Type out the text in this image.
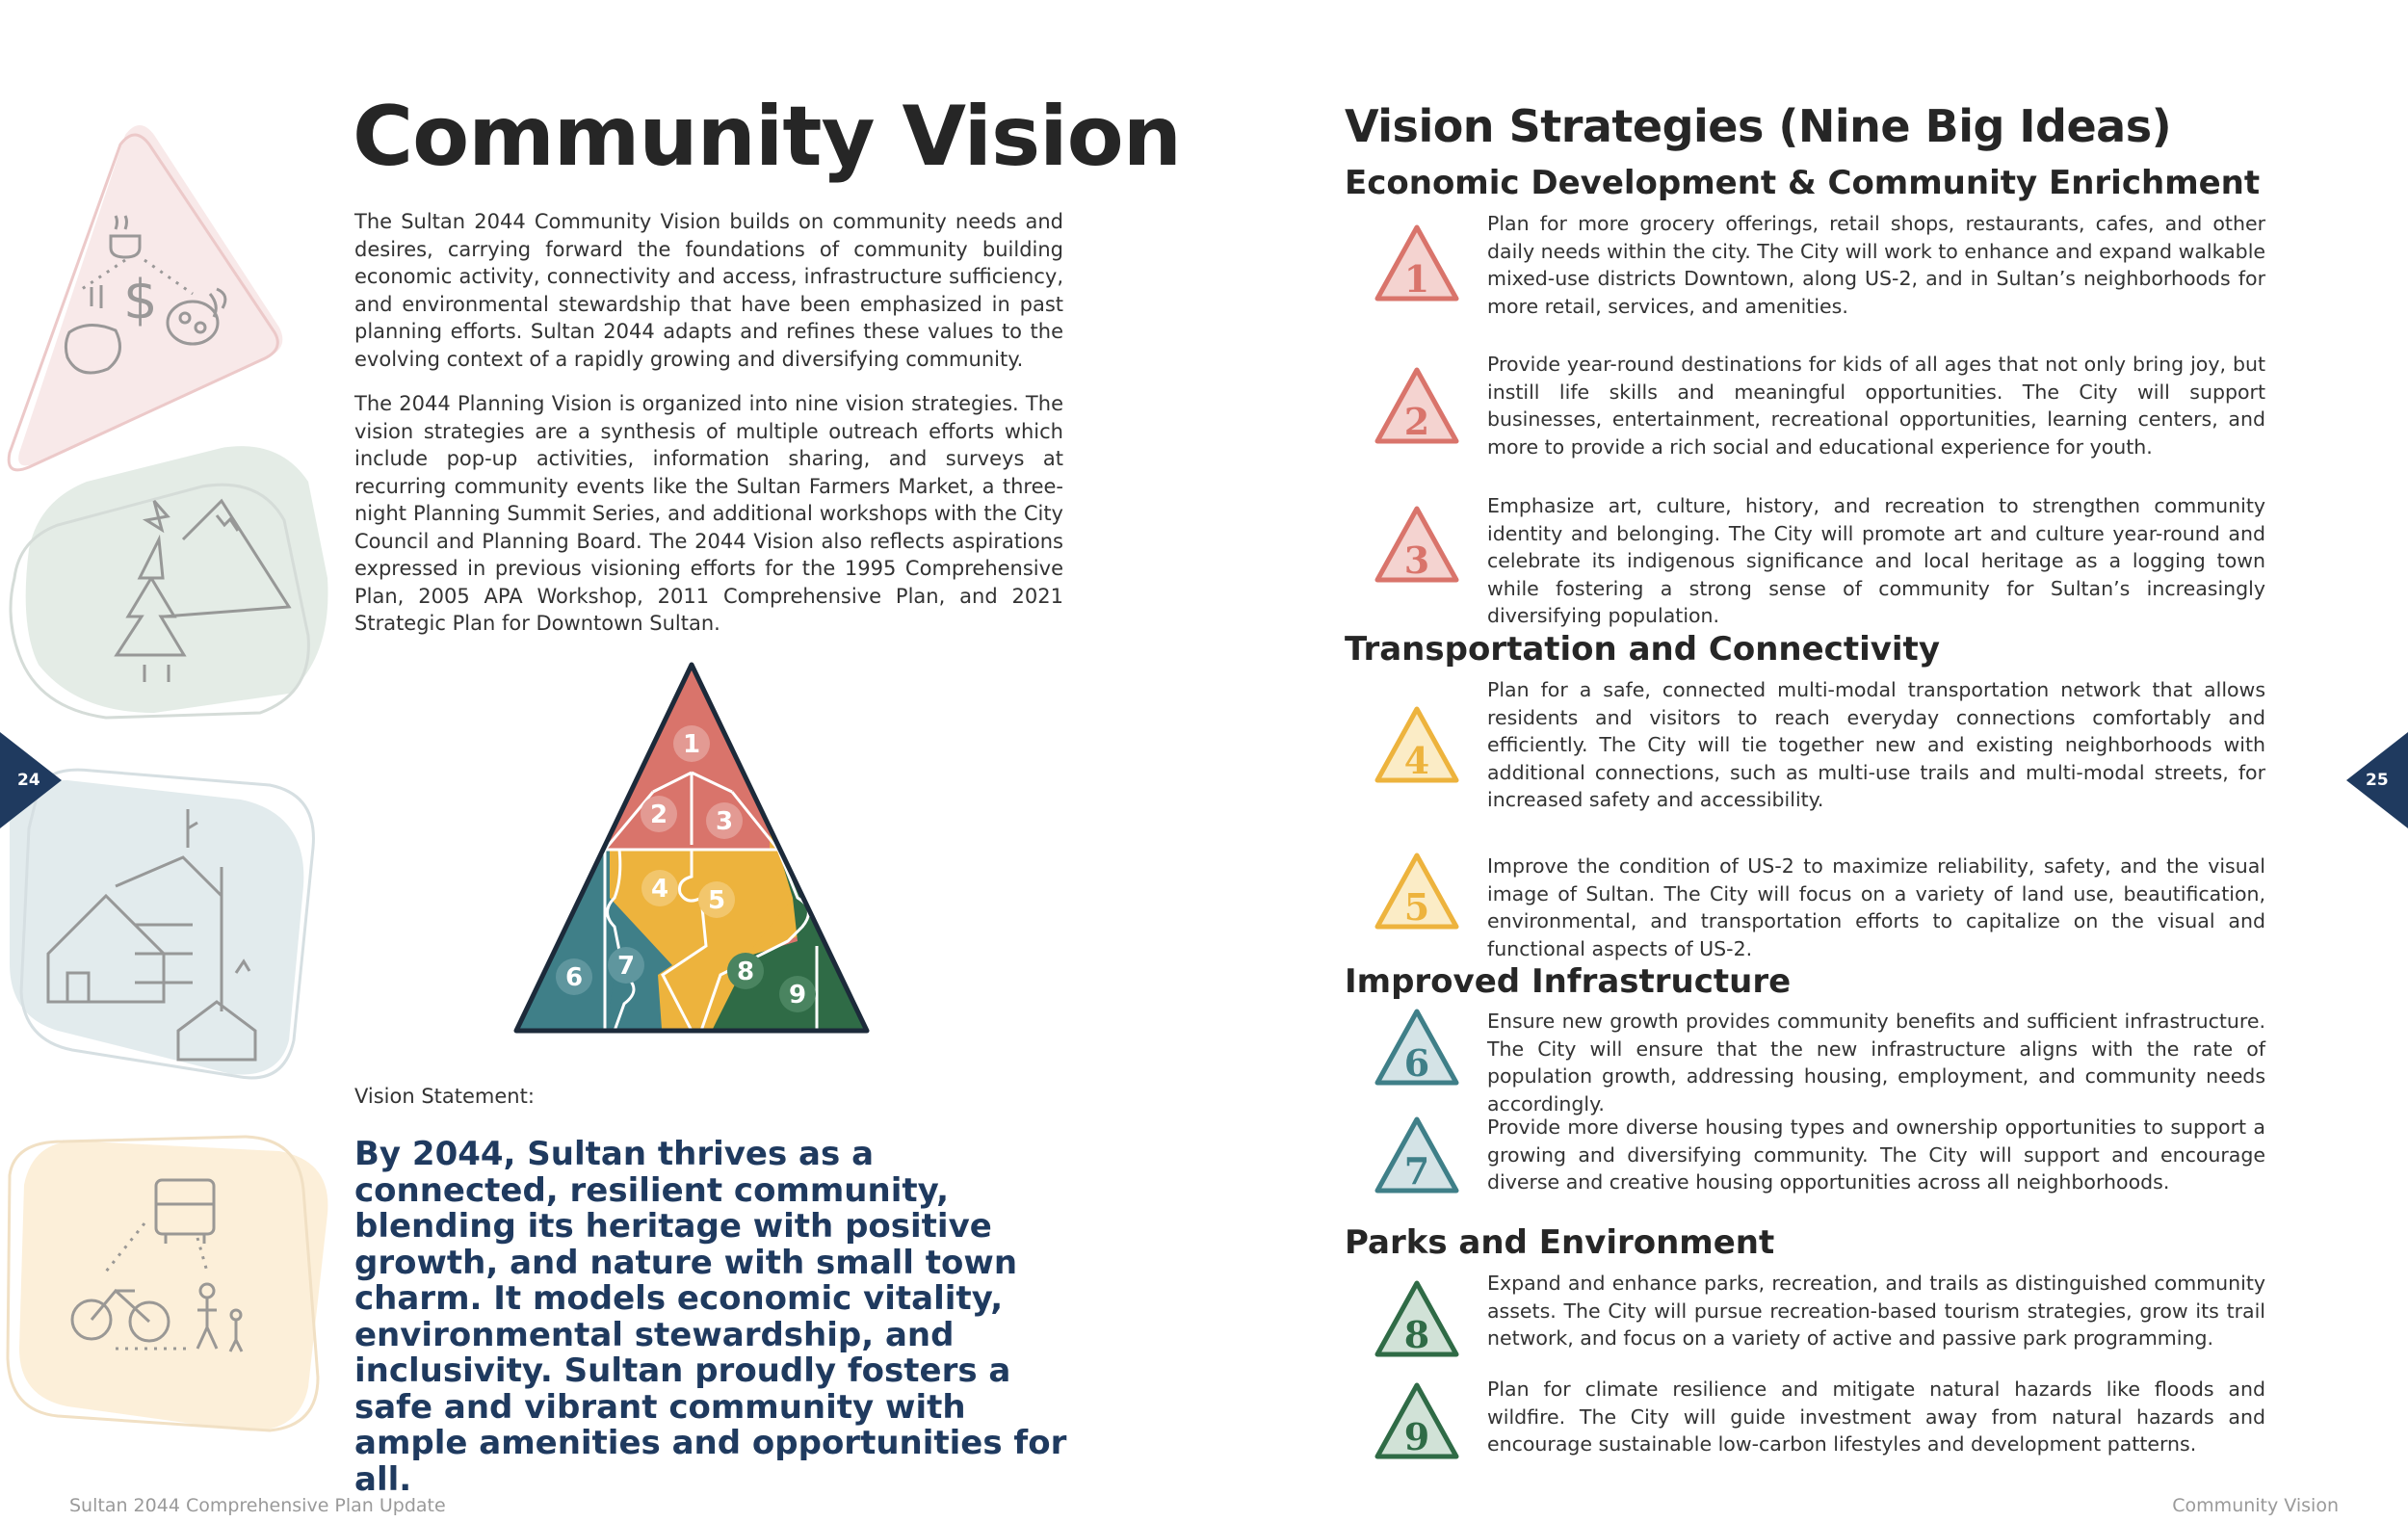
$
24	25
Community Vision
The Sultan 2044 Community Vision builds on community needs and desires, carrying forward the foundations of community building economic activity, connectivity and access, infrastructure sufficiency, and environmental stewardship that have been emphasized in past planning efforts. Sultan 2044 adapts and refines these values to the evolving context of a rapidly growing and diversifying community.
The 2044 Planning Vision is organized into nine vision strategies. The vision strategies are a synthesis of multiple outreach efforts which include pop-up activities, information sharing, and surveys at recurring community events like the Sultan Farmers Market, a three-night Planning Summit Series, and additional workshops with the City Council and Planning Board. The 2044 Vision also reflects aspirations expressed in previous visioning efforts for the 1995 Comprehensive Plan, 2005 APA Workshop, 2011 Comprehensive Plan, and 2021 Strategic Plan for Downtown Sultan.
1
2 3
4 5
6 7	8
9
Vision Statement:
By 2044, Sultan thrives as a connected, resilient community, blending its heritage with positive growth, and nature with small town charm. It models economic vitality, environmental stewardship, and inclusivity. Sultan proudly fosters a safe and vibrant community with ample amenities and opportunities for all.
Sultan 2044 Comprehensive Plan Update
Vision Strategies (Nine Big Ideas)
Economic Development & Community Enrichment
Transportation and Connectivity
Improved Infrastructure
Parks and Environment
1
2
3
4
5
6
7
8
9
Plan for more grocery offerings, retail shops, restaurants, cafes, and other daily needs within the city. The City will work to enhance and expand walkable mixed-use districts Downtown, along US-2, and in Sultan’s neighborhoods for more retail, services, and amenities.
Provide year-round destinations for kids of all ages that not only bring joy, but instill life skills and meaningful opportunities. The City will support businesses, entertainment, recreational opportunities, learning centers, and more to provide a rich social and educational experience for youth.
Emphasize art, culture, history, and recreation to strengthen community identity and belonging. The City will promote art and culture year-round and celebrate its indigenous significance and local heritage as a logging town while fostering a strong sense of community for Sultan’s increasingly diversifying population.
Plan for a safe, connected multi-modal transportation network that allows residents and visitors to reach everyday connections comfortably and efficiently. The City will tie together new and existing neighborhoods with additional connections, such as multi-use trails and multi-modal streets, for increased safety and accessibility.
Improve the condition of US-2 to maximize reliability, safety, and the visual image of Sultan. The City will focus on a variety of land use, beautification, environmental, and transportation efforts to capitalize on the visual and functional aspects of US-2.
Ensure new growth provides community benefits and sufficient infrastructure. The City will ensure that the new infrastructure aligns with the rate of population growth, addressing housing, employment, and community needs accordingly.
Provide more diverse housing types and ownership opportunities to support a growing and diversifying community. The City will support and encourage diverse and creative housing opportunities across all neighborhoods.
Expand and enhance parks, recreation, and trails as distinguished community assets. The City will pursue recreation-based tourism strategies, grow its trail network, and focus on a variety of active and passive park programming.
Plan for climate resilience and mitigate natural hazards like floods and wildfire. The City will guide investment away from natural hazards and encourage sustainable low-carbon lifestyles and development patterns.
Community Vision
